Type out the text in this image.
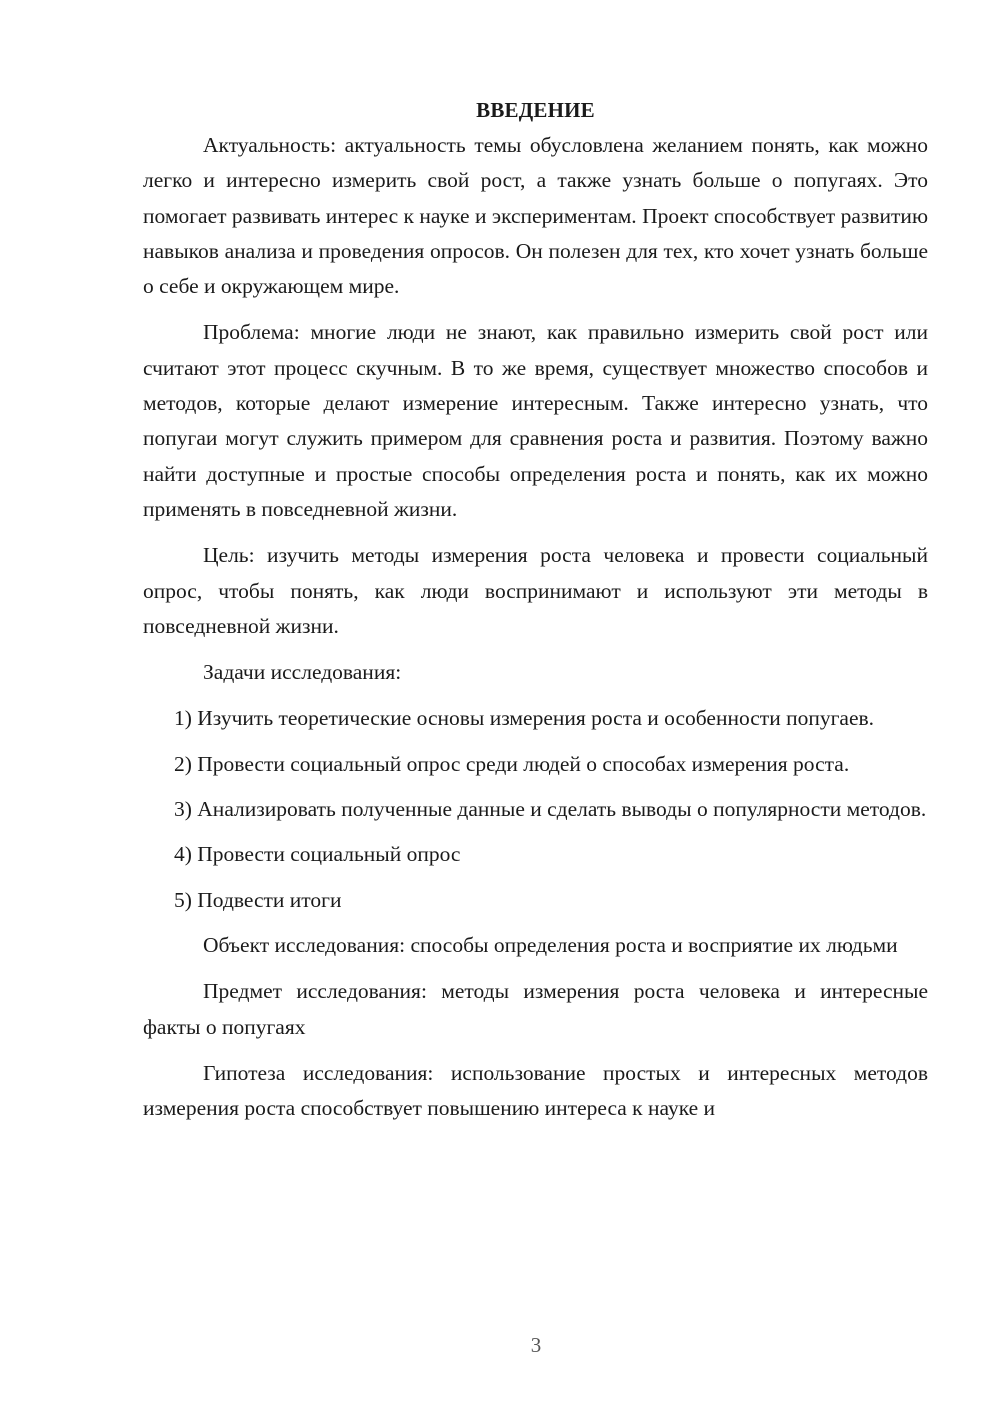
ВВЕДЕНИЕ

Актуальность: актуальность темы обусловлена желанием понять, как можно легко и интересно измерить свой рост, а также узнать больше о попугаях. Это помогает развивать интерес к науке и экспериментам. Проект способствует развитию навыков анализа и проведения опросов. Он полезен для тех, кто хочет узнать больше о себе и окружающем мире.

Проблема: многие люди не знают, как правильно измерить свой рост или считают этот процесс скучным. В то же время, существует множество способов и методов, которые делают измерение интересным. Также интересно узнать, что попугаи могут служить примером для сравнения роста и развития. Поэтому важно найти доступные и простые способы определения роста и понять, как их можно применять в повседневной жизни.

Цель: изучить методы измерения роста человека и провести социальный опрос, чтобы понять, как люди воспринимают и используют эти методы в повседневной жизни.

Задачи исследования:

1) Изучить теоретические основы измерения роста и особенности попугаев.

2) Провести социальный опрос среди людей о способах измерения роста.

3) Анализировать полученные данные и сделать выводы о популярности методов.

4) Провести социальный опрос

5) Подвести итоги

Объект исследования: способы определения роста и восприятие их людьми

Предмет исследования: методы измерения роста человека и интересные факты о попугаях

Гипотеза исследования: использование простых и интересных методов измерения роста способствует повышению интереса к науке и

3
